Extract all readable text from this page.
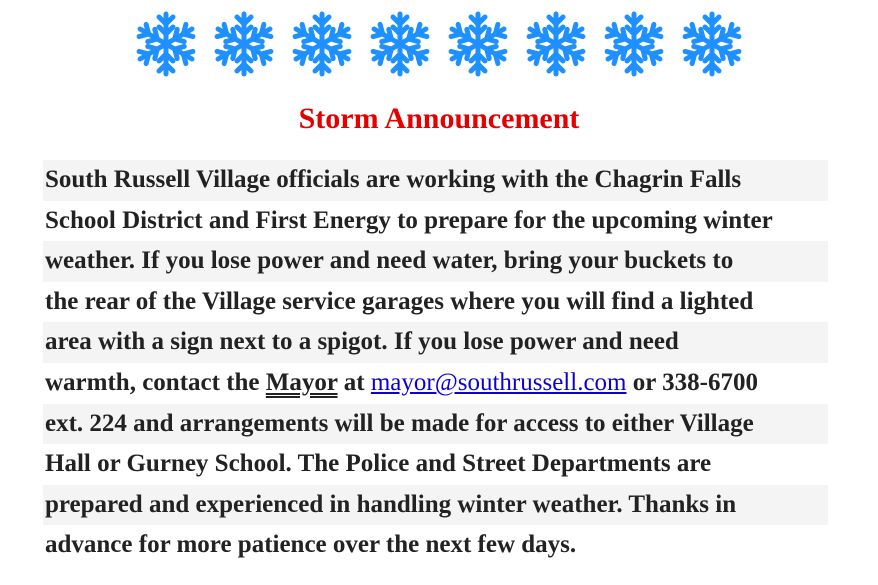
Storm Announcement
South Russell Village officials are working with the Chagrin Falls
School District and First Energy to prepare for the upcoming winter
weather. If you lose power and need water, bring your buckets to
the rear of the Village service garages where you will find a lighted
area with a sign next to a spigot. If you lose power and need
warmth, contact the Mayor at mayor@southrussell.com or 338-6700
ext. 224 and arrangements will be made for access to either Village
Hall or Gurney School. The Police and Street Departments are
prepared and experienced in handling winter weather. Thanks in
advance for more patience over the next few days.
